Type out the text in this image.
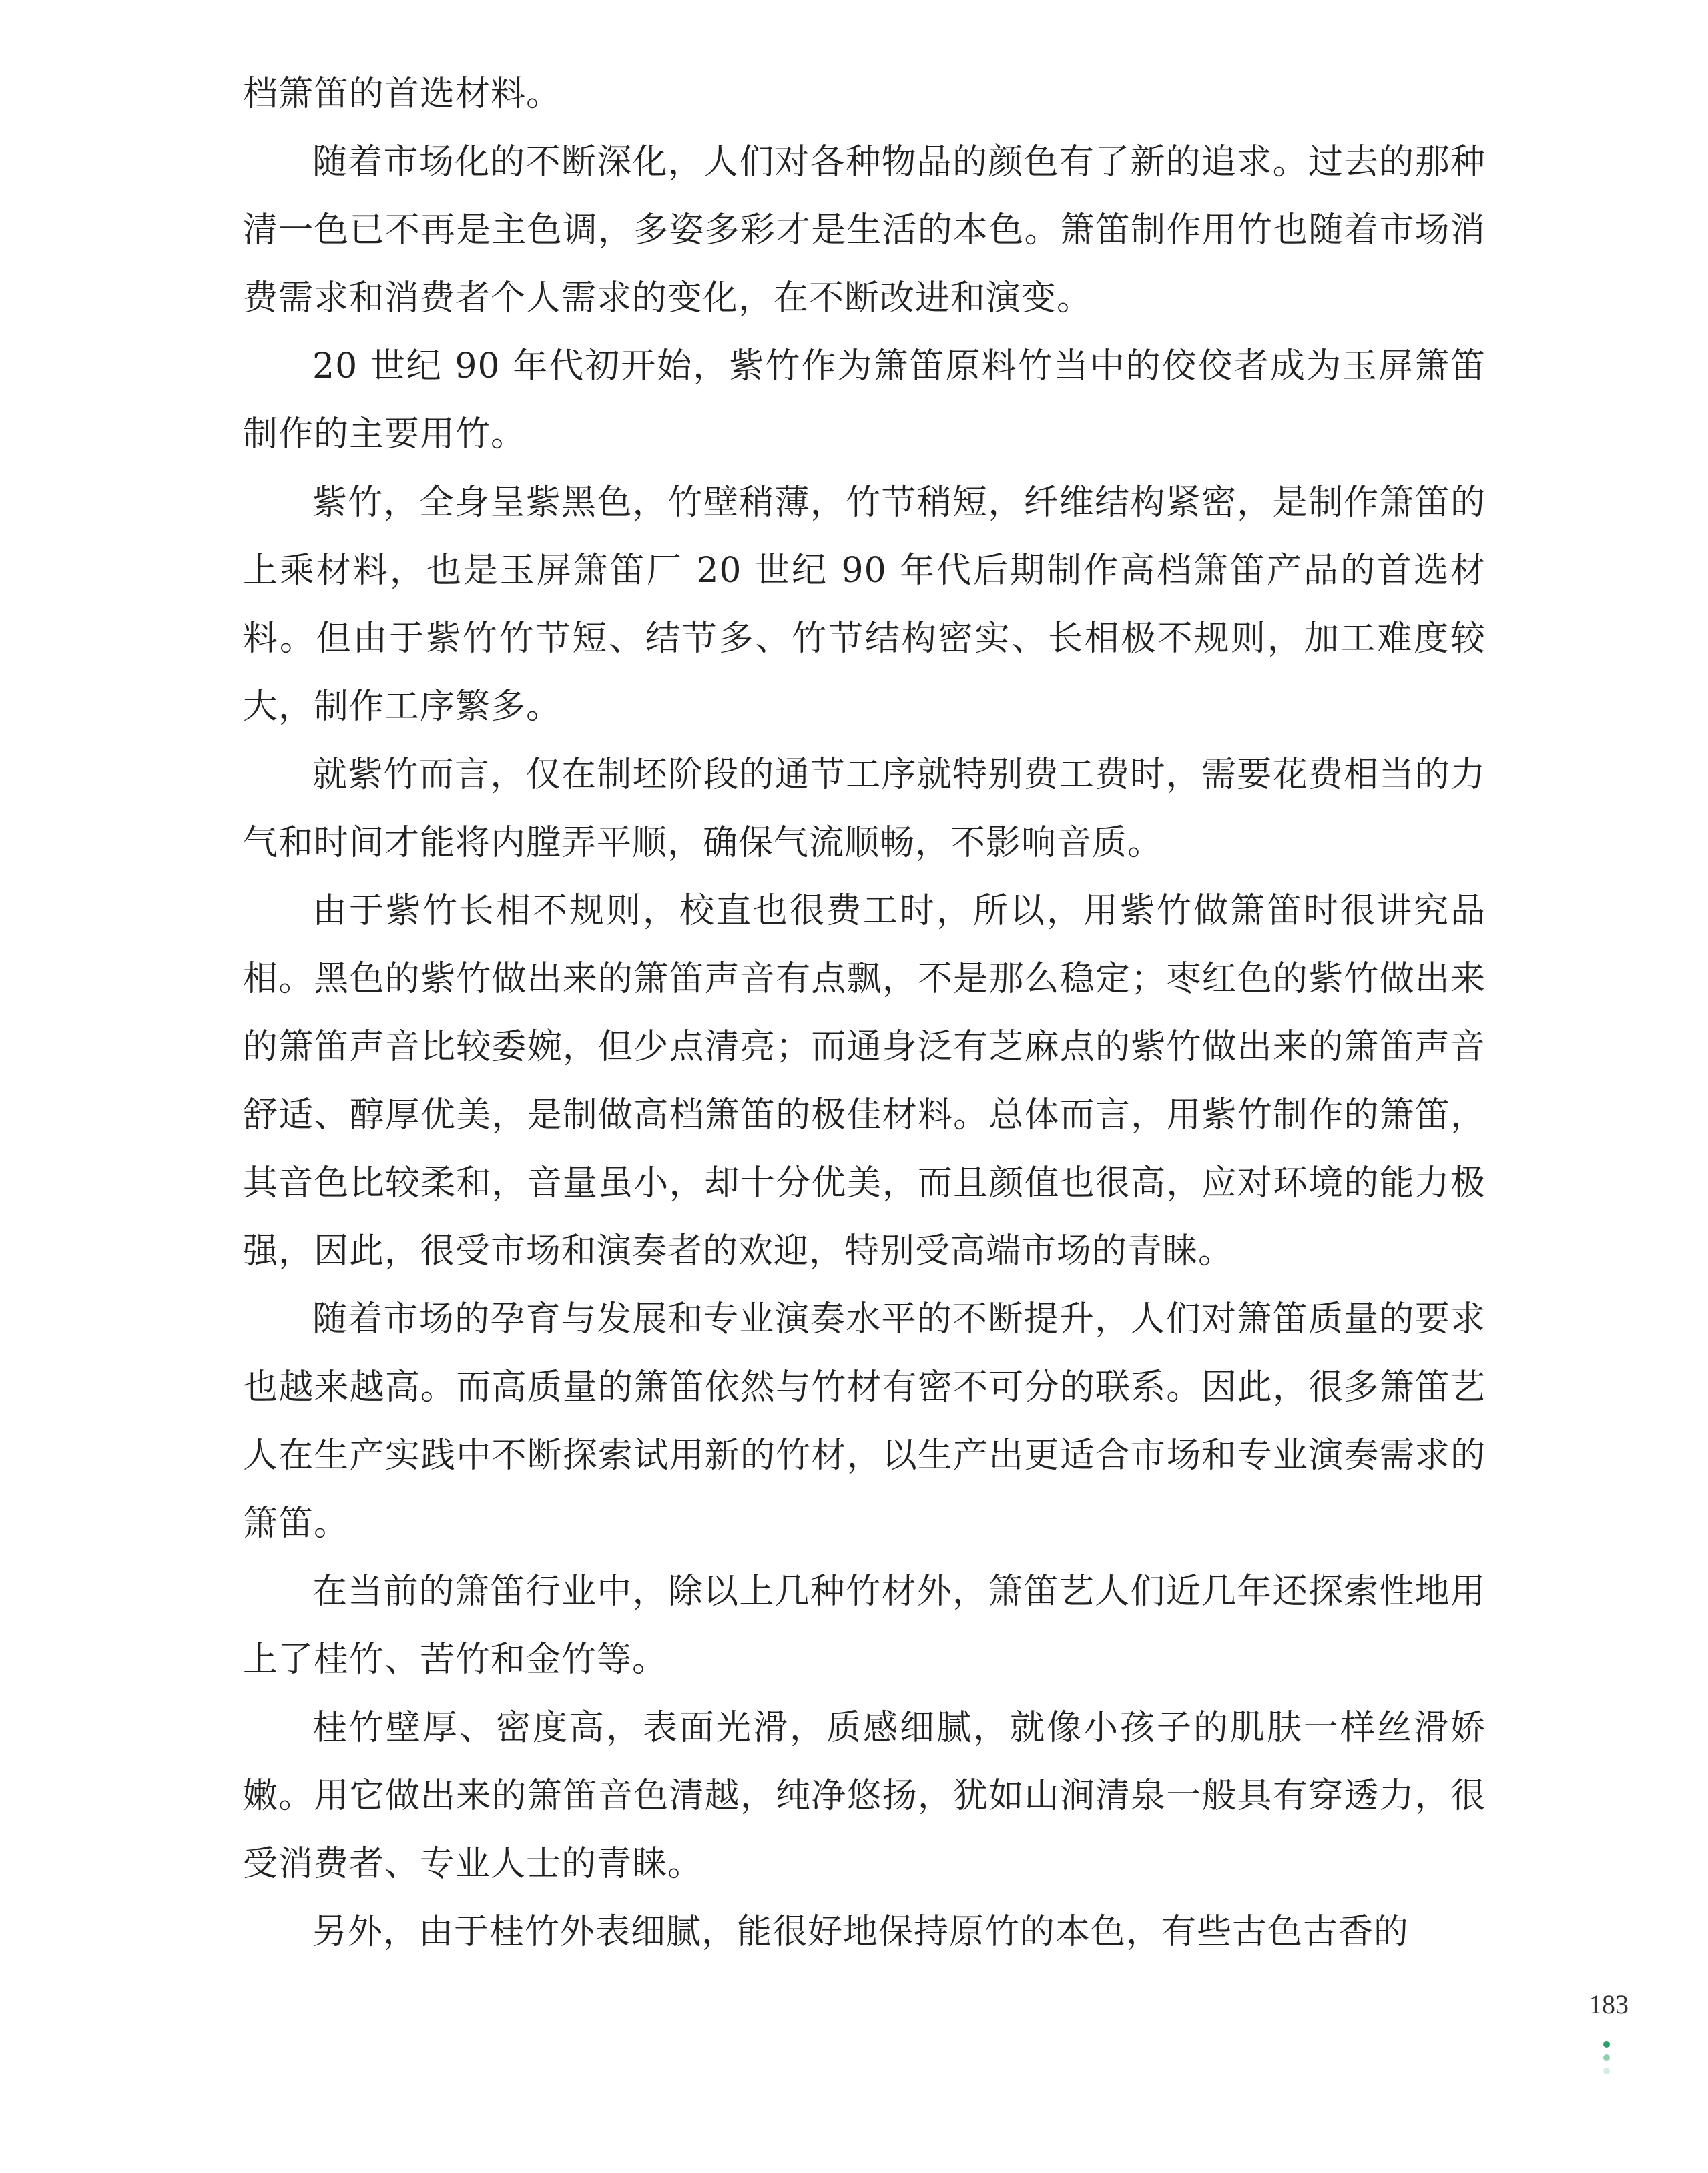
档箫笛的首选材料。

随着市场化的不断深化，人们对各种物品的颜色有了新的追求。过去的那种清一色已不再是主色调，多姿多彩才是生活的本色。箫笛制作用竹也随着市场消费需求和消费者个人需求的变化，在不断改进和演变。

20 世纪 90 年代初开始，紫竹作为箫笛原料竹当中的佼佼者成为玉屏箫笛制作的主要用竹。

紫竹，全身呈紫黑色，竹壁稍薄，竹节稍短，纤维结构紧密，是制作箫笛的上乘材料，也是玉屏箫笛厂 20 世纪 90 年代后期制作高档箫笛产品的首选材料。但由于紫竹竹节短、结节多、竹节结构密实、长相极不规则，加工难度较大，制作工序繁多。

就紫竹而言，仅在制坯阶段的通节工序就特别费工费时，需要花费相当的力气和时间才能将内膛弄平顺，确保气流顺畅，不影响音质。

由于紫竹长相不规则，校直也很费工时，所以，用紫竹做箫笛时很讲究品相。黑色的紫竹做出来的箫笛声音有点飘，不是那么稳定；枣红色的紫竹做出来的箫笛声音比较委婉，但少点清亮；而通身泛有芝麻点的紫竹做出来的箫笛声音舒适、醇厚优美，是制做高档箫笛的极佳材料。总体而言，用紫竹制作的箫笛，其音色比较柔和，音量虽小，却十分优美，而且颜值也很高，应对环境的能力极强，因此，很受市场和演奏者的欢迎，特别受高端市场的青睐。

随着市场的孕育与发展和专业演奏水平的不断提升，人们对箫笛质量的要求也越来越高。而高质量的箫笛依然与竹材有密不可分的联系。因此，很多箫笛艺人在生产实践中不断探索试用新的竹材，以生产出更适合市场和专业演奏需求的箫笛。

在当前的箫笛行业中，除以上几种竹材外，箫笛艺人们近几年还探索性地用上了桂竹、苦竹和金竹等。

桂竹壁厚、密度高，表面光滑，质感细腻，就像小孩子的肌肤一样丝滑娇嫩。用它做出来的箫笛音色清越，纯净悠扬，犹如山涧清泉一般具有穿透力，很受消费者、专业人士的青睐。

另外，由于桂竹外表细腻，能很好地保持原竹的本色，有些古色古香的

183
